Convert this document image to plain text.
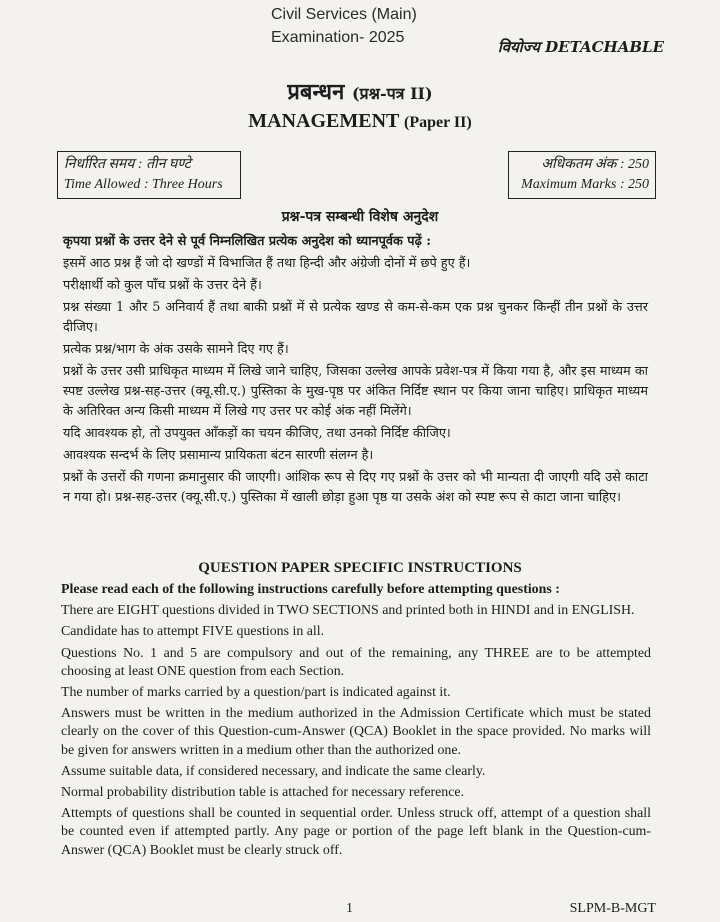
Civil Services (Main)
Examination- 2025
वियोज्य DETACHABLE
प्रबन्धन (प्रश्न-पत्र II)
MANAGEMENT (Paper II)
निर्धारित समय : तीन घण्टे
Time Allowed : Three Hours
अधिकतम अंक : 250
Maximum Marks : 250
प्रश्न-पत्र सम्बन्धी विशेष अनुदेश

कृपया प्रश्नों के उत्तर देने से पूर्व निम्नलिखित प्रत्येक अनुदेश को ध्यानपूर्वक पढ़ें :

इसमें आठ प्रश्न हैं जो दो खण्डों में विभाजित हैं तथा हिन्दी और अंग्रेजी दोनों में छपे हुए हैं।

परीक्षार्थी को कुल पाँच प्रश्नों के उत्तर देने हैं।

प्रश्न संख्या 1 और 5 अनिवार्य हैं तथा बाकी प्रश्नों में से प्रत्येक खण्ड से कम-से-कम एक प्रश्न चुनकर किन्हीं तीन प्रश्नों के उत्तर दीजिए।

प्रत्येक प्रश्न/भाग के अंक उसके सामने दिए गए हैं।

प्रश्नों के उत्तर उसी प्राधिकृत माध्यम में लिखे जाने चाहिए, जिसका उल्लेख आपके प्रवेश-पत्र में किया गया है, और इस माध्यम का स्पष्ट उल्लेख प्रश्न-सह-उत्तर (क्यू.सी.ए.) पुस्तिका के मुख-पृष्ठ पर अंकित निर्दिष्ट स्थान पर किया जाना चाहिए। प्राधिकृत माध्यम के अतिरिक्त अन्य किसी माध्यम में लिखे गए उत्तर पर कोई अंक नहीं मिलेंगे।

यदि आवश्यक हो, तो उपयुक्त आँकड़ों का चयन कीजिए, तथा उनको निर्दिष्ट कीजिए।

आवश्यक सन्दर्भ के लिए प्रसामान्य प्रायिकता बंटन सारणी संलग्न है।

प्रश्नों के उत्तरों की गणना क्रमानुसार की जाएगी। आंशिक रूप से दिए गए प्रश्नों के उत्तर को भी मान्यता दी जाएगी यदि उसे काटा न गया हो। प्रश्न-सह-उत्तर (क्यू.सी.ए.) पुस्तिका में खाली छोड़ा हुआ पृष्ठ या उसके अंश को स्पष्ट रूप से काटा जाना चाहिए।

QUESTION PAPER SPECIFIC INSTRUCTIONS

Please read each of the following instructions carefully before attempting questions :

There are EIGHT questions divided in TWO SECTIONS and printed both in HINDI and in ENGLISH.

Candidate has to attempt FIVE questions in all.

Questions No. 1 and 5 are compulsory and out of the remaining, any THREE are to be attempted choosing at least ONE question from each Section.

The number of marks carried by a question/part is indicated against it.

Answers must be written in the medium authorized in the Admission Certificate which must be stated clearly on the cover of this Question-cum-Answer (QCA) Booklet in the space provided. No marks will be given for answers written in a medium other than the authorized one.

Assume suitable data, if considered necessary, and indicate the same clearly.

Normal probability distribution table is attached for necessary reference.

Attempts of questions shall be counted in sequential order. Unless struck off, attempt of a question shall be counted even if attempted partly. Any page or portion of the page left blank in the Question-cum-Answer (QCA) Booklet must be clearly struck off.

1	SLPM-B-MGT
